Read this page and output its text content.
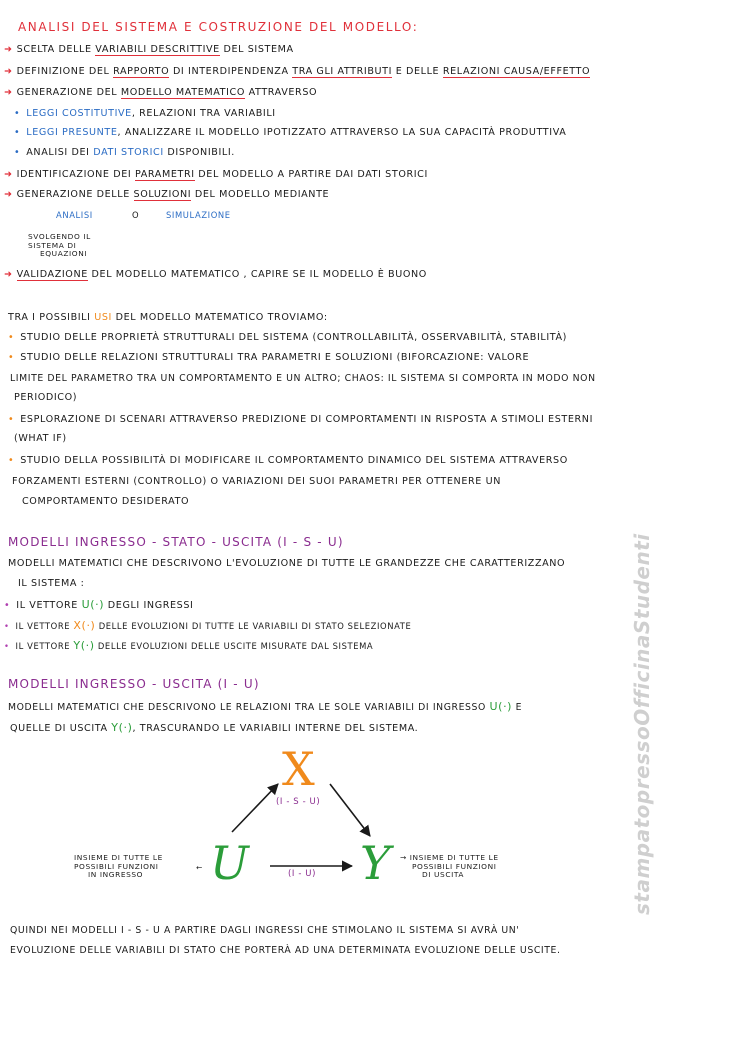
ANALISI DEL SISTEMA E COSTRUZIONE DEL MODELLO:
➜ SCELTA DELLE VARIABILI DESCRITTIVE DEL SISTEMA
➜ DEFINIZIONE DEL RAPPORTO DI INTERDIPENDENZA TRA GLI ATTRIBUTI E DELLE RELAZIONI CAUSA/EFFETTO
➜ GENERAZIONE DEL MODELLO MATEMATICO ATTRAVERSO
• LEGGI COSTITUTIVE, RELAZIONI TRA VARIABILI
• LEGGI PRESUNTE, ANALIZZARE IL MODELLO IPOTIZZATO ATTRAVERSO LA SUA CAPACITÀ PRODUTTIVA
• ANALISI DEI DATI STORICI DISPONIBILI.
➜ IDENTIFICAZIONE DEI PARAMETRI DEL MODELLO A PARTIRE DAI DATI STORICI
➜ GENERAZIONE DELLE SOLUZIONI DEL MODELLO MEDIANTE
ANALISI	O	SIMULAZIONE
SVOLGENDO IL
SISTEMA DI
EQUAZIONI
➜ VALIDAZIONE DEL MODELLO MATEMATICO , CAPIRE SE IL MODELLO È BUONO
TRA I POSSIBILI USI DEL MODELLO MATEMATICO TROVIAMO:
• STUDIO DELLE PROPRIETÀ STRUTTURALI DEL SISTEMA (CONTROLLABILITÀ, OSSERVABILITÀ, STABILITÀ)
• STUDIO DELLE RELAZIONI STRUTTURALI TRA PARAMETRI E SOLUZIONI (BIFORCAZIONE: VALORE
LIMITE DEL PARAMETRO TRA UN COMPORTAMENTO E UN ALTRO; CHAOS: IL SISTEMA SI COMPORTA IN MODO NON
PERIODICO)
• ESPLORAZIONE DI SCENARI ATTRAVERSO PREDIZIONE DI COMPORTAMENTI IN RISPOSTA A STIMOLI ESTERNI
(WHAT IF)
• STUDIO DELLA POSSIBILITÀ DI MODIFICARE IL COMPORTAMENTO DINAMICO DEL SISTEMA ATTRAVERSO
FORZAMENTI ESTERNI (CONTROLLO) O VARIAZIONI DEI SUOI PARAMETRI PER OTTENERE UN
COMPORTAMENTO DESIDERATO
MODELLI INGRESSO - STATO - USCITA (I - S - U)
MODELLI MATEMATICI CHE DESCRIVONO L'EVOLUZIONE DI TUTTE LE GRANDEZZE CHE CARATTERIZZANO
IL SISTEMA :
• IL VETTORE U(·) DEGLI INGRESSI
• IL VETTORE X(·) DELLE EVOLUZIONI DI TUTTE LE VARIABILI DI STATO SELEZIONATE
• IL VETTORE Y(·) DELLE EVOLUZIONI DELLE USCITE MISURATE DAL SISTEMA
MODELLI INGRESSO - USCITA (I - U)
MODELLI MATEMATICI CHE DESCRIVONO LE RELAZIONI TRA LE SOLE VARIABILI DI INGRESSO U(·) E
QUELLE DI USCITA Y(·), TRASCURANDO LE VARIABILI INTERNE DEL SISTEMA.
X
(I - S - U)
U Y
(I - U)
INSIEME DI TUTTE LE
POSSIBILI FUNZIONI
IN INGRESSO
←
→ INSIEME DI TUTTE LE
POSSIBILI FUNZIONI
DI USCITA
QUINDI NEI MODELLI I - S - U A PARTIRE DAGLI INGRESSI CHE STIMOLANO IL SISTEMA SI AVRÀ UN'
EVOLUZIONE DELLE VARIABILI DI STATO CHE PORTERÀ AD UNA DETERMINATA EVOLUZIONE DELLE USCITE.
stampatopressoOfficinaStudenti
